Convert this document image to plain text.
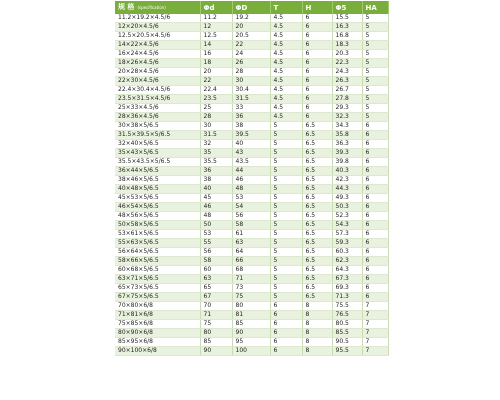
规 格 (specification)	Φd	ΦD	T	H	Φ5	HA
11.2×19.2×4.5/6	11.2	19.2	4.5	6	15.5	5
12×20×4.5/6	12	20	4.5	6	16.3	5
12.5×20.5×4.5/6	12.5	20.5	4.5	6	16.8	5
14×22×4.5/6	14	22	4.5	6	18.3	5
16×24×4.5/6	16	24	4.5	6	20.3	5
18×26×4.5/6	18	26	4.5	6	22.3	5
20×28×4.5/6	20	28	4.5	6	24.3	5
22×30×4.5/6	22	30	4.5	6	26.3	5
22.4×30.4×4.5/6	22.4	30.4	4.5	6	26.7	5
23.5×31.5×4.5/6	23.5	31.5	4.5	6	27.8	5
25×33×4.5/6	25	33	4.5	6	29.3	5
28×36×4.5/6	28	36	4.5	6	32.3	5
30×38×5/6.5	30	38	5	6.5	34.3	6
31.5×39.5×5/6.5	31.5	39.5	5	6.5	35.8	6
32×40×5/6.5	32	40	5	6.5	36.3	6
35×43×5/6.5	35	43	5	6.5	39.3	6
35.5×43.5×5/6.5	35.5	43.5	5	6.5	39.8	6
36×44×5/6.5	36	44	5	6.5	40.3	6
38×46×5/6.5	38	46	5	6.5	42.3	6
40×48×5/6.5	40	48	5	6.5	44.3	6
45×53×5/6.5	45	53	5	6.5	49.3	6
46×54×5/6.5	46	54	5	6.5	50.3	6
48×56×5/6.5	48	56	5	6.5	52.3	6
50×58×5/6.5	50	58	5	6.5	54.3	6
53×61×5/6.5	53	61	5	6.5	57.3	6
55×63×5/6.5	55	63	5	6.5	59.3	6
56×64×5/6.5	56	64	5	6.5	60.3	6
58×66×5/6.5	58	66	5	6.5	62.3	6
60×68×5/6.5	60	68	5	6.5	64.3	6
63×71×5/6.5	63	71	5	6.5	67.3	6
65×73×5/6.5	65	73	5	6.5	69.3	6
67×75×5/6.5	67	75	5	6.5	71.3	6
70×80×6/8	70	80	6	8	75.5	7
71×81×6/8	71	81	6	8	76.5	7
75×85×6/8	75	85	6	8	80.5	7
80×90×6/8	80	90	6	8	85.5	7
85×95×6/8	85	95	6	8	90.5	7
90×100×6/8	90	100	6	8	95.5	7
